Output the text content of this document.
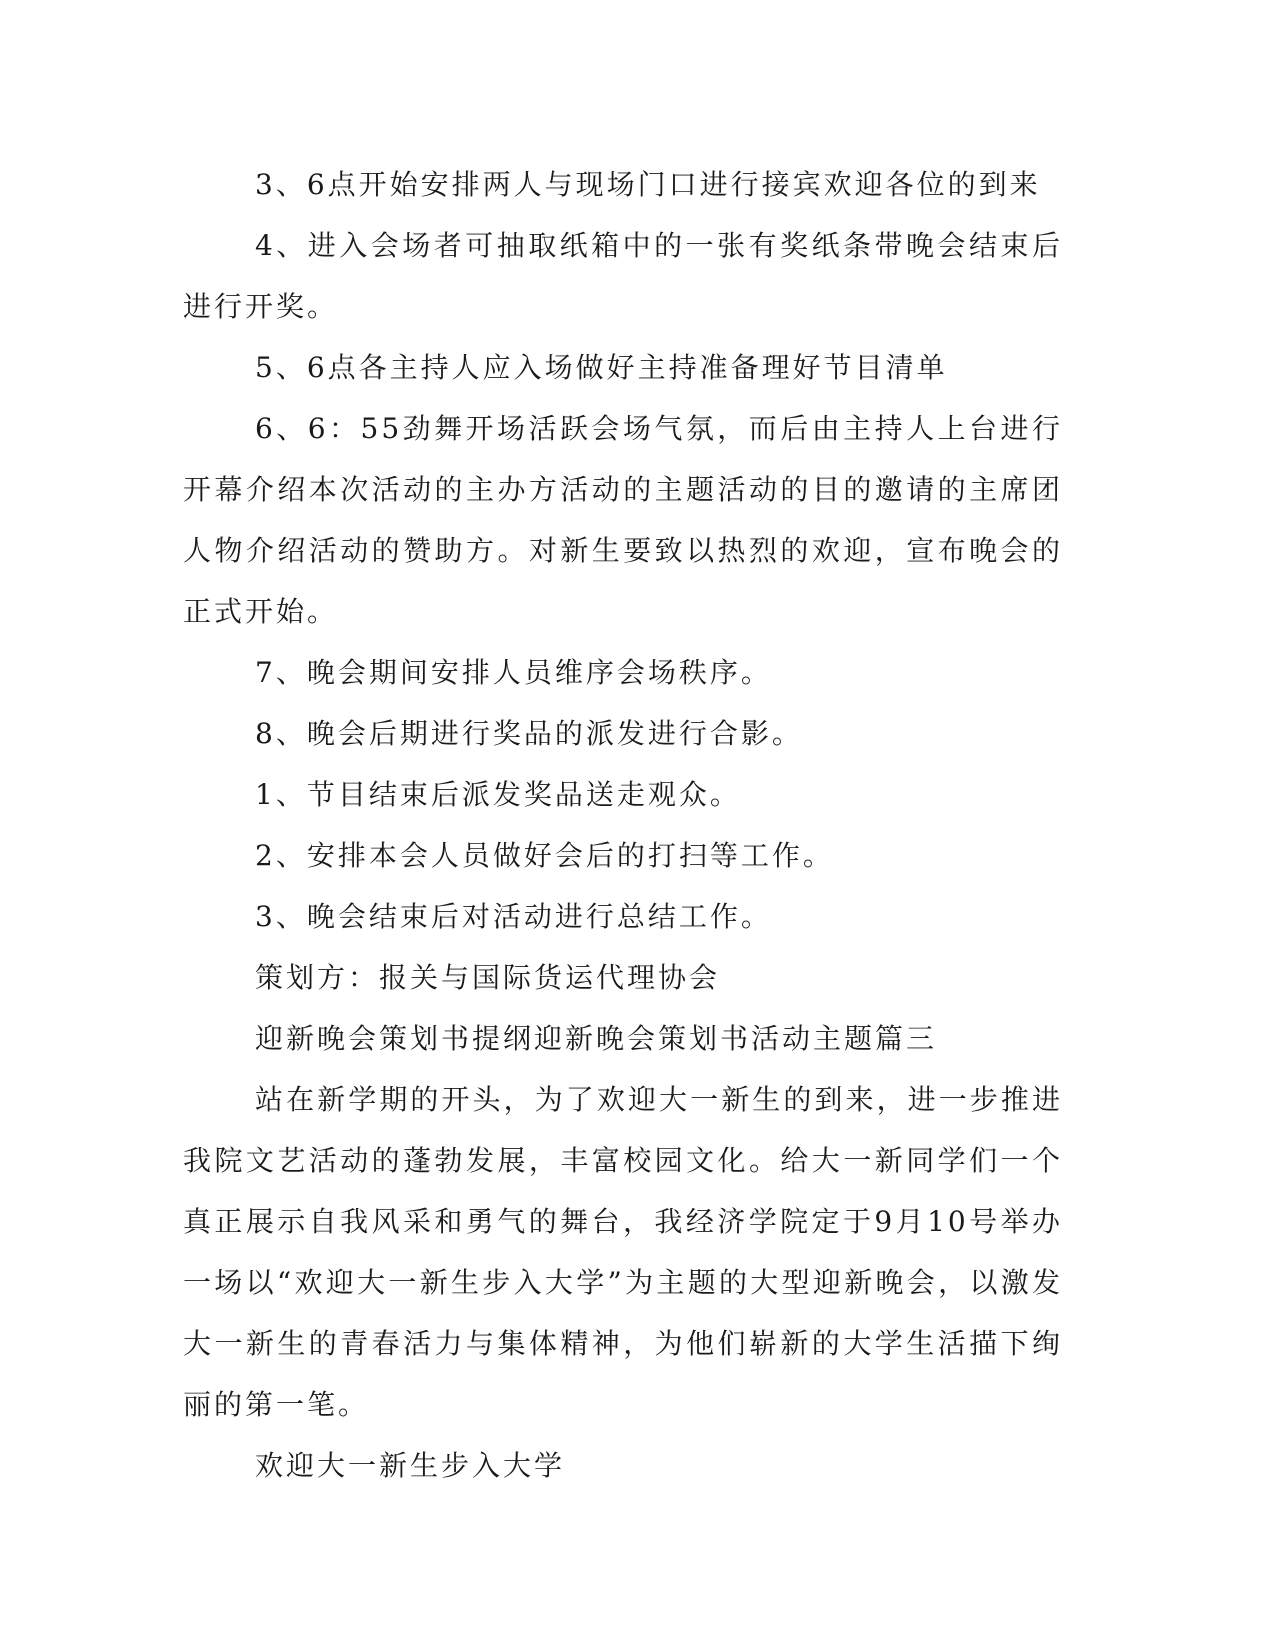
3、6点开始安排两人与现场门口进行接宾欢迎各位的到来

4、进入会场者可抽取纸箱中的一张有奖纸条带晚会结束后进行开奖。

5、6点各主持人应入场做好主持准备理好节目清单

6、6：55劲舞开场活跃会场气氛，而后由主持人上台进行开幕介绍本次活动的主办方活动的主题活动的目的邀请的主席团人物介绍活动的赞助方。对新生要致以热烈的欢迎，宣布晚会的正式开始。

7、晚会期间安排人员维序会场秩序。

8、晚会后期进行奖品的派发进行合影。

1、节目结束后派发奖品送走观众。

2、安排本会人员做好会后的打扫等工作。

3、晚会结束后对活动进行总结工作。

策划方：报关与国际货运代理协会

迎新晚会策划书提纲迎新晚会策划书活动主题篇三

站在新学期的开头，为了欢迎大一新生的到来，进一步推进我院文艺活动的蓬勃发展，丰富校园文化。给大一新同学们一个真正展示自我风采和勇气的舞台，我经济学院定于9月10号举办一场以“欢迎大一新生步入大学”为主题的大型迎新晚会，以激发大一新生的青春活力与集体精神，为他们崭新的大学生活描下绚丽的第一笔。

欢迎大一新生步入大学
